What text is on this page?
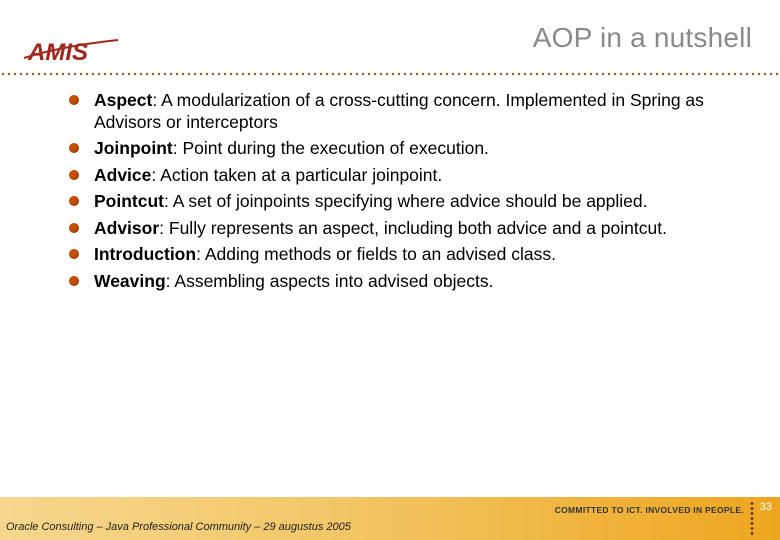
AMIS	AOP in a nutshell
Aspect: A modularization of a cross-cutting concern. Implemented in Spring as Advisors or interceptors
Joinpoint: Point during the execution of execution.
Advice: Action taken at a particular joinpoint.
Pointcut: A set of joinpoints specifying where advice should be applied.
Advisor: Fully represents an aspect, including both advice and a pointcut.
Introduction: Adding methods or fields to an advised class.
Weaving: Assembling aspects into advised objects.
COMMITTED TO ICT. INVOLVED IN PEOPLE. 33
Oracle Consulting – Java Professional Community – 29 augustus 2005
